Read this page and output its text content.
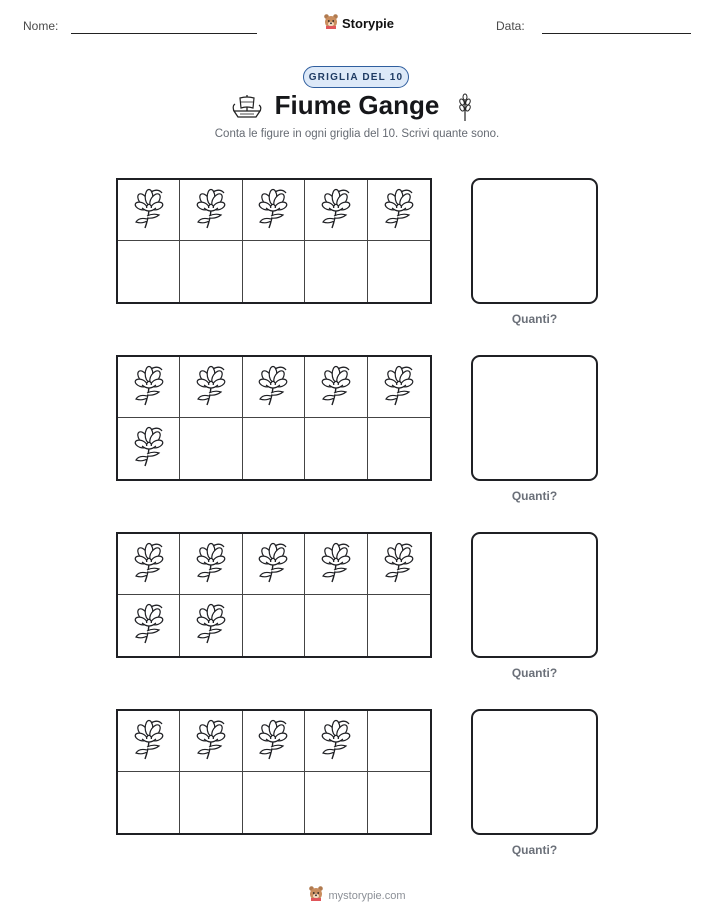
Nome:	Storypie	Data:
GRIGLIA DEL 10
Fiume Gange
Conta le figure in ogni griglia del 10. Scrivi quante sono.
Quanti?
Quanti?
Quanti?
Quanti?
mystorypie.com
